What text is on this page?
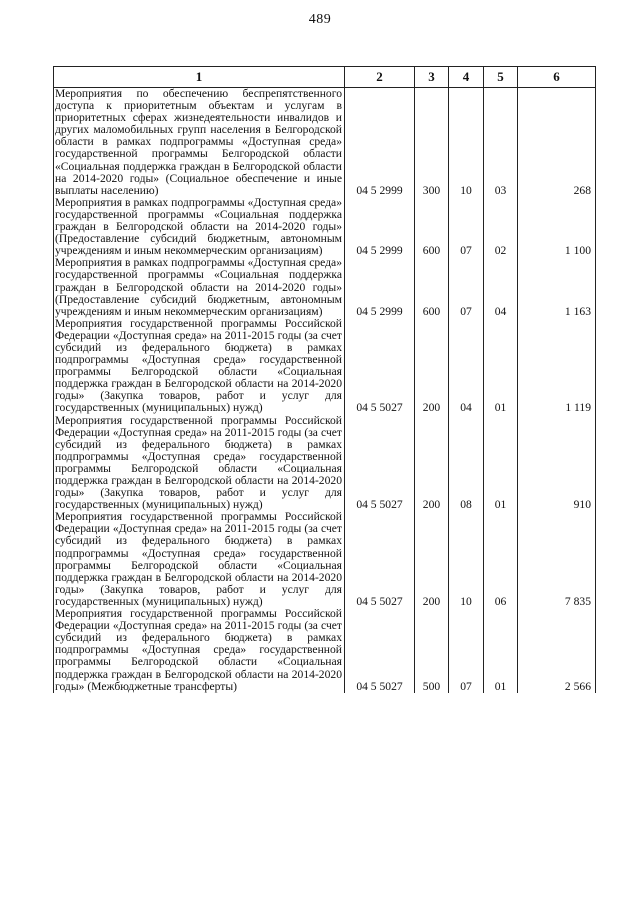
489
1	2	3	4	5	6
Мероприятия по обеспечению беспрепятственного доступа к приоритетным объектам и услугам в приоритетных сферах жизнедеятельности инвалидов и других маломобильных групп населения в Белгородской области в рамках подпрограммы «Доступная среда» государственной программы Белгородской области «Социальная поддержка граждан в Белгородской области на 2014-2020 годы» (Социальное обеспечение и иные выплаты населению)	04 5 2999	300	10	03	268
Мероприятия в рамках подпрограммы «Доступная среда» государственной программы «Социальная поддержка граждан в Белгородской области на 2014-2020 годы» (Предоставление субсидий бюджетным, автономным учреждениям и иным некоммерческим организациям)	04 5 2999	600	07	02	1 100
Мероприятия в рамках подпрограммы «Доступная среда» государственной программы «Социальная поддержка граждан в Белгородской области на 2014-2020 годы» (Предоставление субсидий бюджетным, автономным учреждениям и иным некоммерческим организациям)	04 5 2999	600	07	04	1 163
Мероприятия государственной программы Российской Федерации «Доступная среда» на 2011-2015 годы (за счет субсидий из федерального бюджета) в рамках подпрограммы «Доступная среда» государственной программы Белгородской области «Социальная поддержка граждан в Белгородской области на 2014-2020 годы» (Закупка товаров, работ и услуг для государственных (муниципальных) нужд)	04 5 5027	200	04	01	1 119
Мероприятия государственной программы Российской Федерации «Доступная среда» на 2011-2015 годы (за счет субсидий из федерального бюджета) в рамках подпрограммы «Доступная среда» государственной программы Белгородской области «Социальная поддержка граждан в Белгородской области на 2014-2020 годы» (Закупка товаров, работ и услуг для государственных (муниципальных) нужд)	04 5 5027	200	08	01	910
Мероприятия государственной программы Российской Федерации «Доступная среда» на 2011-2015 годы (за счет субсидий из федерального бюджета) в рамках подпрограммы «Доступная среда» государственной программы Белгородской области «Социальная поддержка граждан в Белгородской области на 2014-2020 годы» (Закупка товаров, работ и услуг для государственных (муниципальных) нужд)	04 5 5027	200	10	06	7 835
Мероприятия государственной программы Российской Федерации «Доступная среда» на 2011-2015 годы (за счет субсидий из федерального бюджета) в рамках подпрограммы «Доступная среда» государственной программы Белгородской области «Социальная поддержка граждан в Белгородской области на 2014-2020 годы» (Межбюджетные трансферты)	04 5 5027	500	07	01	2 566
